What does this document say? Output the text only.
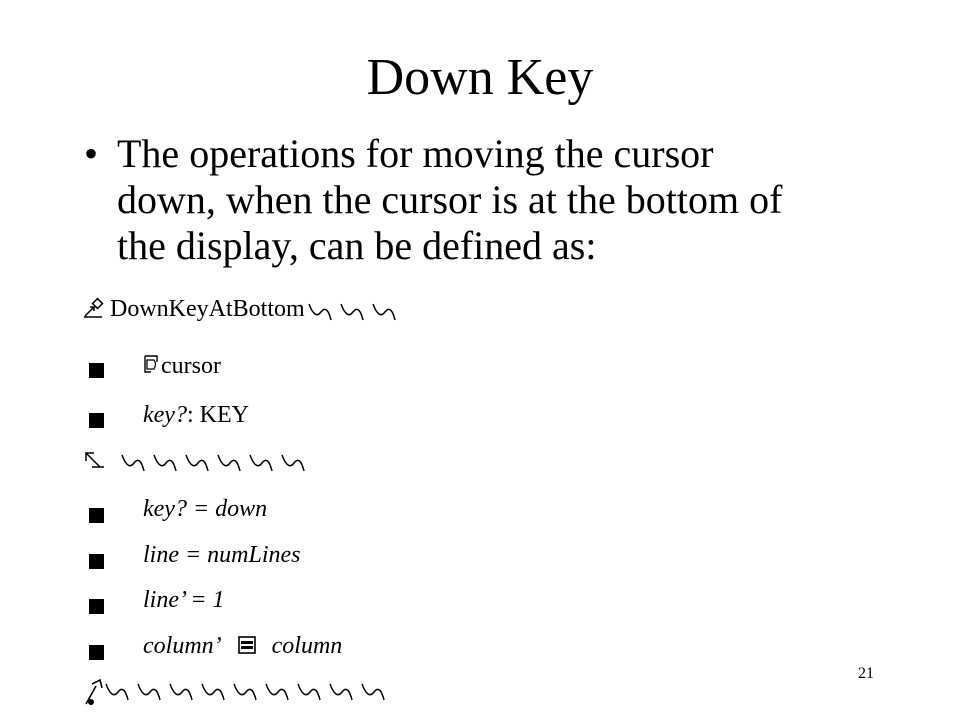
Down Key
• The operations for moving the cursor down, when the cursor is at the bottom of the display, can be defined as:
DownKeyAtBottom
cursor
key?: KEY
key? = down
line = numLines
line’ = 1
column’ column
21
